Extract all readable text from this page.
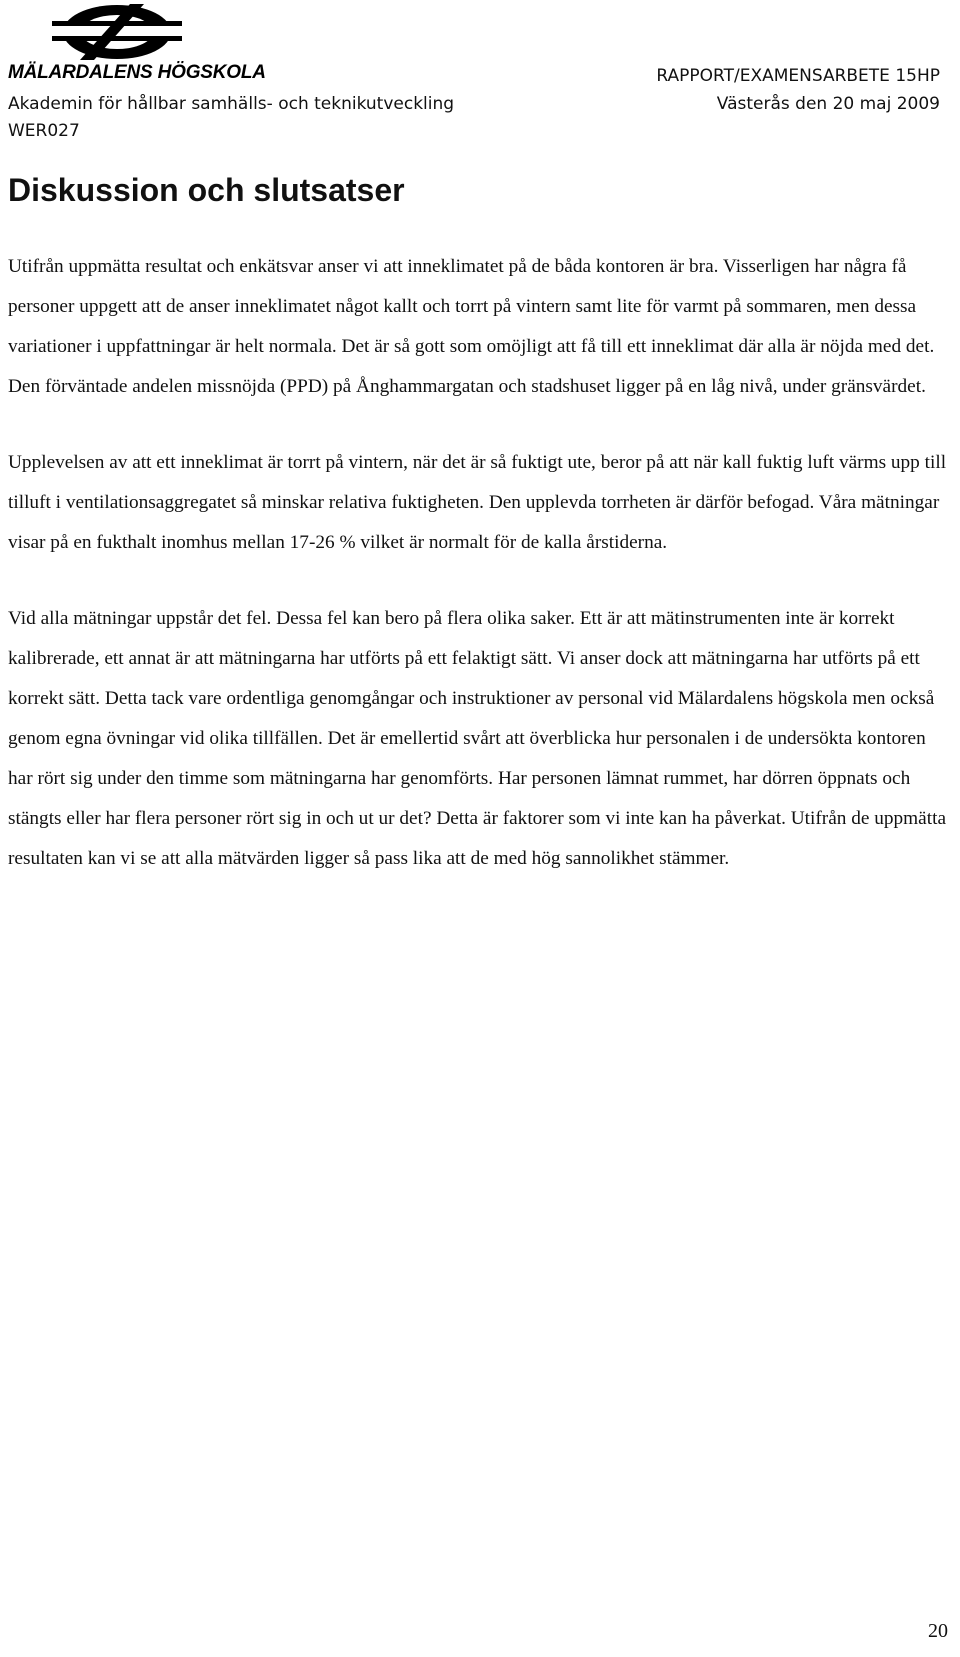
MÄLARDALENS HÖGSKOLA
Akademin för hållbar samhälls- och teknikutveckling
WER027
RAPPORT/EXAMENSARBETE 15HP
Västerås den 20 maj 2009
Diskussion och slutsatser

Utifrån uppmätta resultat och enkätsvar anser vi att inneklimatet på de båda kontoren är bra. Visserligen har några få personer uppgett att de anser inneklimatet något kallt och torrt på vintern samt lite för varmt på sommaren, men dessa variationer i uppfattningar är helt normala. Det är så gott som omöjligt att få till ett inneklimat där alla är nöjda med det. Den förväntade andelen missnöjda (PPD) på Ånghammargatan och stadshuset ligger på en låg nivå, under gränsvärdet.

Upplevelsen av att ett inneklimat är torrt på vintern, när det är så fuktigt ute, beror på att när kall fuktig luft värms upp till tilluft i ventilationsaggregatet så minskar relativa fuktigheten. Den upplevda torrheten är därför befogad. Våra mätningar visar på en fukthalt inomhus mellan 17-26 % vilket är normalt för de kalla årstiderna.

Vid alla mätningar uppstår det fel. Dessa fel kan bero på flera olika saker. Ett är att mätinstrumenten inte är korrekt kalibrerade, ett annat är att mätningarna har utförts på ett felaktigt sätt. Vi anser dock att mätningarna har utförts på ett korrekt sätt. Detta tack vare ordentliga genomgångar och instruktioner av personal vid Mälardalens högskola men också genom egna övningar vid olika tillfällen. Det är emellertid svårt att överblicka hur personalen i de undersökta kontoren har rört sig under den timme som mätningarna har genomförts. Har personen lämnat rummet, har dörren öppnats och stängts eller har flera personer rört sig in och ut ur det? Detta är faktorer som vi inte kan ha påverkat. Utifrån de uppmätta resultaten kan vi se att alla mätvärden ligger så pass lika att de med hög sannolikhet stämmer.

20
